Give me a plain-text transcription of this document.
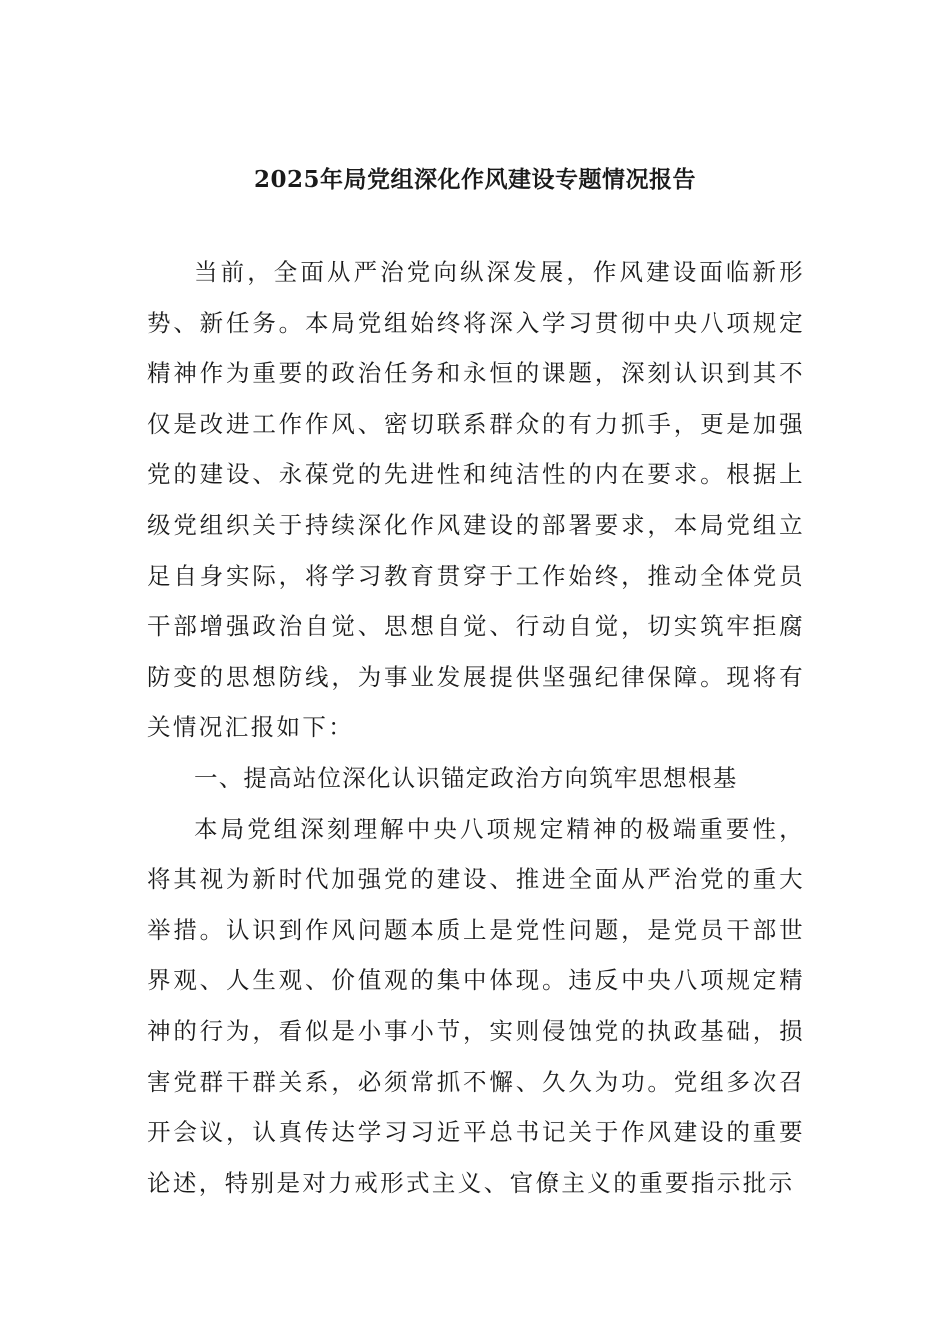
2025年局党组深化作风建设专题情况报告

当前，全面从严治党向纵深发展，作风建设面临新形势、新任务。本局党组始终将深入学习贯彻中央八项规定精神作为重要的政治任务和永恒的课题，深刻认识到其不仅是改进工作作风、密切联系群众的有力抓手，更是加强党的建设、永葆党的先进性和纯洁性的内在要求。根据上级党组织关于持续深化作风建设的部署要求，本局党组立足自身实际，将学习教育贯穿于工作始终，推动全体党员干部增强政治自觉、思想自觉、行动自觉，切实筑牢拒腐防变的思想防线，为事业发展提供坚强纪律保障。现将有关情况汇报如下：

一、提高站位深化认识锚定政治方向筑牢思想根基

本局党组深刻理解中央八项规定精神的极端重要性，将其视为新时代加强党的建设、推进全面从严治党的重大举措。认识到作风问题本质上是党性问题，是党员干部世界观、人生观、价值观的集中体现。违反中央八项规定精神的行为，看似是小事小节，实则侵蚀党的执政基础，损害党群干群关系，必须常抓不懈、久久为功。党组多次召开会议，认真传达学习习近平总书记关于作风建设的重要论述，特别是对力戒形式主义、官僚主义的重要指示批示
